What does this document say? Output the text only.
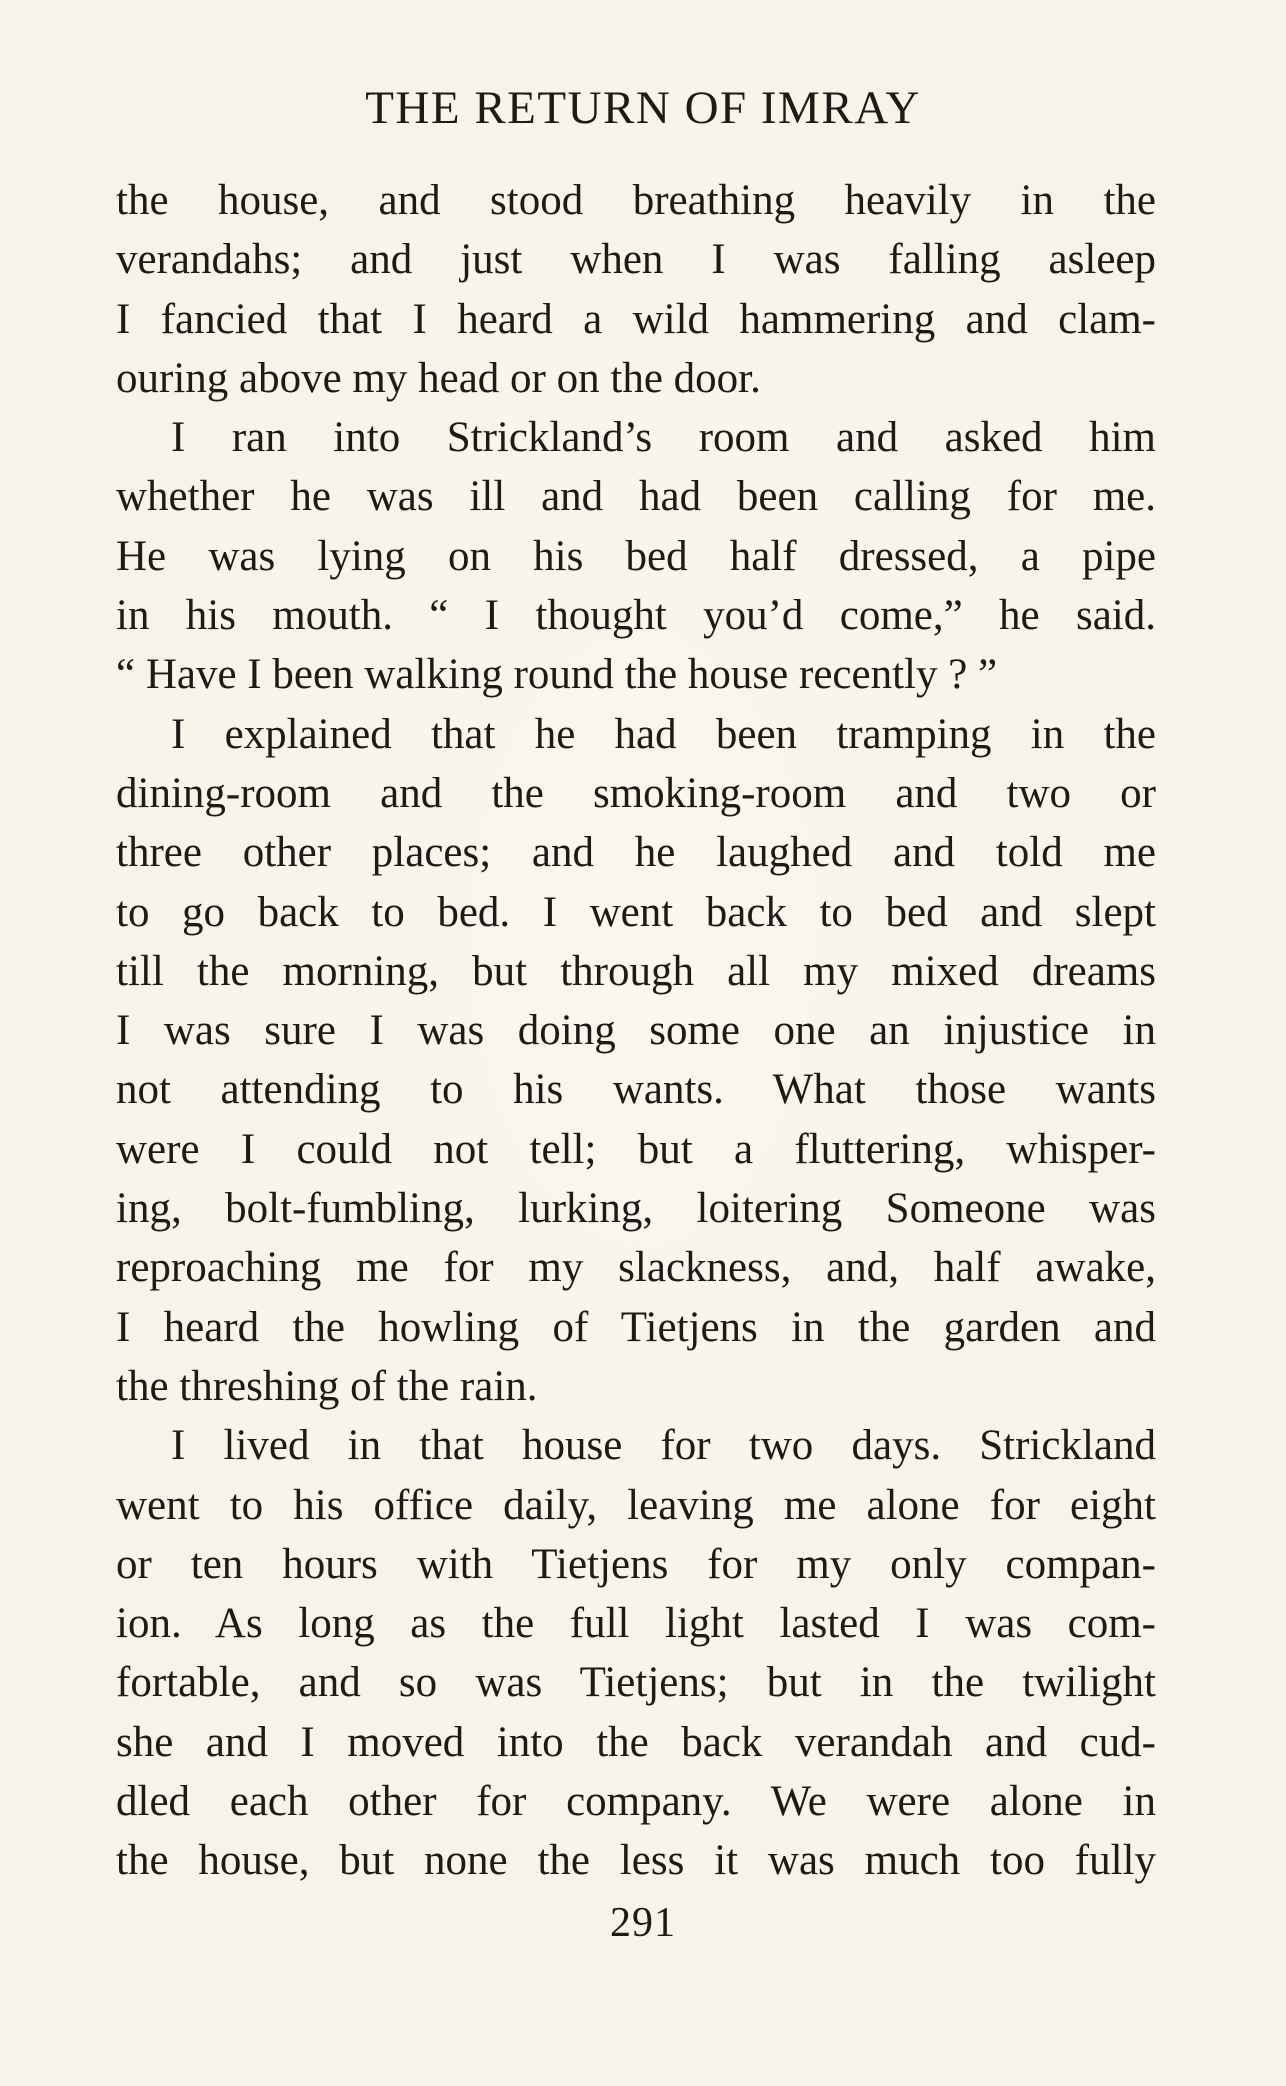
THE RETURN OF IMRAY
the house, and stood breathing heavily in the
verandahs; and just when I was falling asleep
I fancied that I heard a wild hammering and clam-
ouring above my head or on the door.
I ran into Strickland’s room and asked him
whether he was ill and had been calling for me.
He was lying on his bed half dressed, a pipe
in his mouth. “ I thought you’d come,” he said.
“ Have I been walking round the house recently ? ”
I explained that he had been tramping in the
dining-room and the smoking-room and two or
three other places; and he laughed and told me
to go back to bed. I went back to bed and slept
till the morning, but through all my mixed dreams
I was sure I was doing some one an injustice in
not attending to his wants. What those wants
were I could not tell; but a fluttering, whisper-
ing, bolt-fumbling, lurking, loitering Someone was
reproaching me for my slackness, and, half awake,
I heard the howling of Tietjens in the garden and
the threshing of the rain.
I lived in that house for two days. Strickland
went to his office daily, leaving me alone for eight
or ten hours with Tietjens for my only compan-
ion. As long as the full light lasted I was com-
fortable, and so was Tietjens; but in the twilight
she and I moved into the back verandah and cud-
dled each other for company. We were alone in
the house, but none the less it was much too fully
291
